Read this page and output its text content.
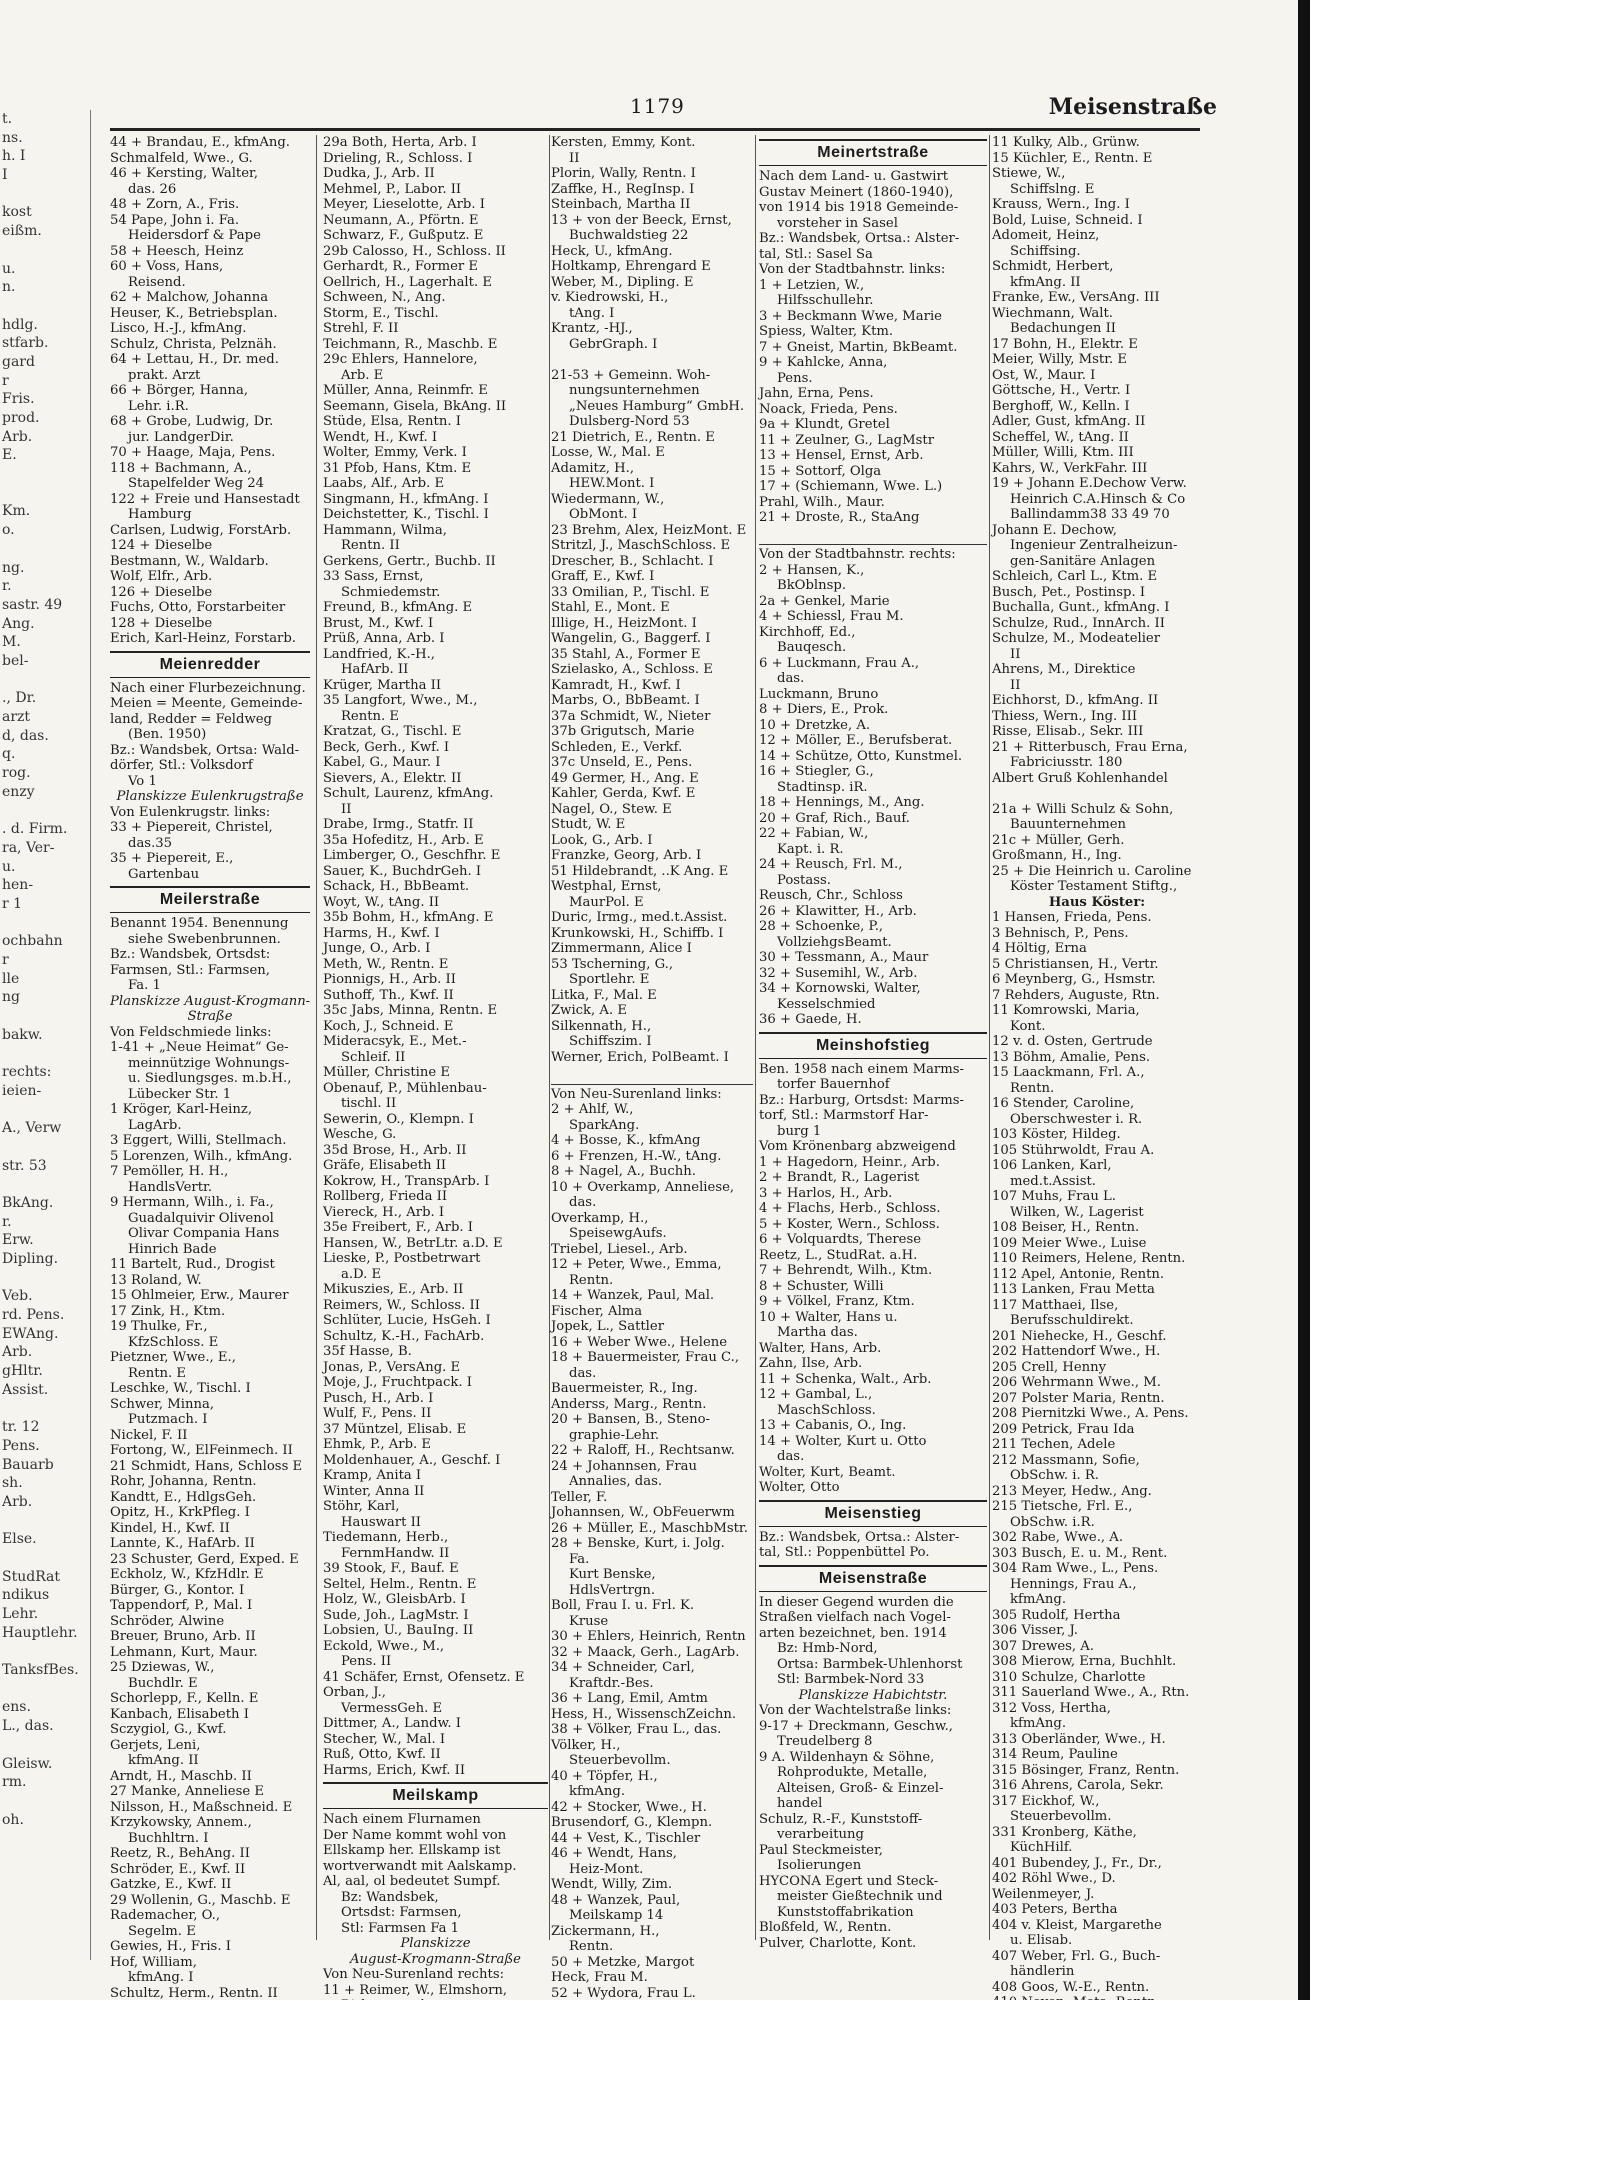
t.
ns.
h. I
I

kost
eißm.

u.
n.

hdlg.
stfarb.
gard
r
Fris.
prod.
Arb.
E.

Km.
o.

ng.
r.
sastr. 49
Ang.
M.
bel-

., Dr.
arzt
d, das.
q.
rog.
enzy

. d. Firm.
ra, Ver-
u.
hen-
r 1

ochbahn
r
lle
ng

bakw.

rechts:
ieien-

A., Verw

str. 53

BkAng.
r.
Erw.
Dipling.

Veb.
rd. Pens.
EWAng.
Arb.
gHltr.
Assist.

tr. 12
Pens.
Bauarb
sh.
Arb.

Else.

StudRat
ndikus
Lehr.
Hauptlehr.

TanksfBes.

ens.
L., das.

Gleisw.
rm.

oh.
1179	Meisenstraße
44 + Brandau, E., kfmAng.
Schmalfeld, Wwe., G.
46 + Kersting, Walter,
das. 26
48 + Zorn, A., Fris.
54 Pape, John i. Fa.
Heidersdorf & Pape
58 + Heesch, Heinz
60 + Voss, Hans,
Reisend.
62 + Malchow, Johanna
Heuser, K., Betriebsplan.
Lisco, H.-J., kfmAng.
Schulz, Christa, Pelznäh.
64 + Lettau, H., Dr. med.
prakt. Arzt
66 + Börger, Hanna,
Lehr. i.R.
68 + Grobe, Ludwig, Dr.
jur. LandgerDir.
70 + Haage, Maja, Pens.
118 + Bachmann, A.,
Stapelfelder Weg 24
122 + Freie und Hansestadt
Hamburg
Carlsen, Ludwig, ForstArb.
124 + Dieselbe
Bestmann, W., Waldarb.
Wolf, Elfr., Arb.
126 + Dieselbe
Fuchs, Otto, Forstarbeiter
128 + Dieselbe
Erich, Karl-Heinz, Forstarb.
Meienredder
Nach einer Flurbezeichnung.
Meien = Meente, Gemeinde-
land, Redder = Feldweg
(Ben. 1950)
Bz.: Wandsbek, Ortsa: Wald-
dörfer, Stl.: Volksdorf
Vo 1
Planskizze Eulenkrugstraße
Von Eulenkrugstr. links:
33 + Piepereit, Christel,
das.35
35 + Piepereit, E.,
Gartenbau
Meilerstraße
Benannt 1954. Benennung
siehe Swebenbrunnen.
Bz.: Wandsbek, Ortsdst:
Farmsen, Stl.: Farmsen,
Fa. 1
Planskizze August-Krogmann-
Straße
Von Feldschmiede links:
1-41 + „Neue Heimat“ Ge-
meinnützige Wohnungs-
u. Siedlungsges. m.b.H.,
Lübecker Str. 1
1 Kröger, Karl-Heinz,
LagArb.
3 Eggert, Willi, Stellmach.
5 Lorenzen, Wilh., kfmAng.
7 Pemöller, H. H.,
HandlsVertr.
9 Hermann, Wilh., i. Fa.,
Guadalquivir Olivenol
Olivar Compania Hans
Hinrich Bade
11 Bartelt, Rud., Drogist
13 Roland, W.
15 Ohlmeier, Erw., Maurer
17 Zink, H., Ktm.
19 Thulke, Fr.,
KfzSchloss. E
Pietzner, Wwe., E.,
Rentn. E
Leschke, W., Tischl. I
Schwer, Minna,
Putzmach. I
Nickel, F. II
Fortong, W., ElFeinmech. II
21 Schmidt, Hans, Schloss E
Rohr, Johanna, Rentn.
Kandtt, E., HdlgsGeh.
Opitz, H., KrkPfleg. I
Kindel, H., Kwf. II
Lannte, K., HafArb. II
23 Schuster, Gerd, Exped. E
Eckholz, W., KfzHdlr. E
Bürger, G., Kontor. I
Tappendorf, P., Mal. I
Schröder, Alwine
Breuer, Bruno, Arb. II
Lehmann, Kurt, Maur.
25 Dziewas, W.,
Buchdlr. E
Schorlepp, F., Kelln. E
Kanbach, Elisabeth I
Sczygiol, G., Kwf.
Gerjets, Leni,
kfmAng. II
Arndt, H., Maschb. II
27 Manke, Anneliese E
Nilsson, H., Maßschneid. E
Krzykowsky, Annem.,
Buchhltrn. I
Reetz, R., BehAng. II
Schröder, E., Kwf. II
Gatzke, E., Kwf. II
29 Wollenin, G., Maschb. E
Rademacher, O.,
Segelm. E
Gewies, H., Fris. I
Hof, William,
kfmAng. I
Schultz, Herm., Rentn. II
29a Both, Herta, Arb. I
Drieling, R., Schloss. I
Dudka, J., Arb. II
Mehmel, P., Labor. II
Meyer, Lieselotte, Arb. I
Neumann, A., Pförtn. E
Schwarz, F., Gußputz. E
29b Calosso, H., Schloss. II
Gerhardt, R., Former E
Oellrich, H., Lagerhalt. E
Schween, N., Ang.
Storm, E., Tischl.
Strehl, F. II
Teichmann, R., Maschb. E
29c Ehlers, Hannelore,
Arb. E
Müller, Anna, Reinmfr. E
Seemann, Gisela, BkAng. II
Stüde, Elsa, Rentn. I
Wendt, H., Kwf. I
Wolter, Emmy, Verk. I
31 Pfob, Hans, Ktm. E
Laabs, Alf., Arb. E
Singmann, H., kfmAng. I
Deichstetter, K., Tischl. I
Hammann, Wilma,
Rentn. II
Gerkens, Gertr., Buchb. II
33 Sass, Ernst,
Schmiedemstr.
Freund, B., kfmAng. E
Brust, M., Kwf. I
Prüß, Anna, Arb. I
Landfried, K.-H.,
HafArb. II
Krüger, Martha II
35 Langfort, Wwe., M.,
Rentn. E
Kratzat, G., Tischl. E
Beck, Gerh., Kwf. I
Kabel, G., Maur. I
Sievers, A., Elektr. II
Schult, Laurenz, kfmAng.
II
Drabe, Irmg., Statfr. II
35a Hofeditz, H., Arb. E
Limberger, O., Geschfhr. E
Sauer, K., BuchdrGeh. I
Schack, H., BbBeamt.
Woyt, W., tAng. II
35b Bohm, H., kfmAng. E
Harms, H., Kwf. I
Junge, O., Arb. I
Meth, W., Rentn. E
Pionnigs, H., Arb. II
Suthoff, Th., Kwf. II
35c Jabs, Minna, Rentn. E
Koch, J., Schneid. E
Mideracsyk, E., Met.-
Schleif. II
Müller, Christine E
Obenauf, P., Mühlenbau-
tischl. II
Sewerin, O., Klempn. I
Wesche, G.
35d Brose, H., Arb. II
Gräfe, Elisabeth II
Kokrow, H., TranspArb. I
Rollberg, Frieda II
Viereck, H., Arb. I
35e Freibert, F., Arb. I
Hansen, W., BetrLtr. a.D. E
Lieske, P., Postbetrwart
a.D. E
Mikuszies, E., Arb. II
Reimers, W., Schloss. II
Schlüter, Lucie, HsGeh. I
Schultz, K.-H., FachArb.
35f Hasse, B.
Jonas, P., VersAng. E
Moje, J., Fruchtpack. I
Pusch, H., Arb. I
Wulf, F., Pens. II
37 Müntzel, Elisab. E
Ehmk, P., Arb. E
Moldenhauer, A., Geschf. I
Kramp, Anita I
Winter, Anna II
Stöhr, Karl,
Hauswart II
Tiedemann, Herb.,
FernmHandw. II
39 Stook, F., Bauf. E
Seltel, Helm., Rentn. E
Holz, W., GleisbArb. I
Sude, Joh., LagMstr. I
Lobsien, U., BauIng. II
Eckold, Wwe., M.,
Pens. II
41 Schäfer, Ernst, Ofensetz. E
Orban, J.,
VermessGeh. E
Dittmer, A., Landw. I
Stecher, W., Mal. I
Ruß, Otto, Kwf. II
Harms, Erich, Kwf. II
Meilskamp
Nach einem Flurnamen
Der Name kommt wohl von
Ellskamp her. Ellskamp ist
wortverwandt mit Aalskamp.
Al, aal, ol bedeutet Sumpf.
Bz: Wandsbek,
Ortsdst: Farmsen,
Stl: Farmsen Fa 1
Planskizze
August-Krogmann-Straße
Von Neu-Surenland rechts:
11 + Reimer, W., Elmshorn,
Kersten, Emmy, Kont.
II
Plorin, Wally, Rentn. I
Zaffke, H., RegInsp. I
Steinbach, Martha II
13 + von der Beeck, Ernst,
Buchwaldstieg 22
Heck, U., kfmAng.
Holtkamp, Ehrengard E
Weber, M., Dipling. E
v. Kiedrowski, H.,
tAng. I
Krantz, -HJ.,
GebrGraph. I

21-53 + Gemeinn. Woh-
nungsunternehmen
„Neues Hamburg“ GmbH.
Dulsberg-Nord 53
21 Dietrich, E., Rentn. E
Losse, W., Mal. E
Adamitz, H.,
HEW.Mont. I
Wiedermann, W.,
ObMont. I
23 Brehm, Alex, HeizMont. E
Stritzl, J., MaschSchloss. E
Drescher, B., Schlacht. I
Graff, E., Kwf. I
33 Omilian, P., Tischl. E
Stahl, E., Mont. E
Illige, H., HeizMont. I
Wangelin, G., Baggerf. I
35 Stahl, A., Former E
Szielasko, A., Schloss. E
Kamradt, H., Kwf. I
Marbs, O., BbBeamt. I
37a Schmidt, W., Nieter
37b Grigutsch, Marie
Schleden, E., Verkf.
37c Unseld, E., Pens.
49 Germer, H., Ang. E
Kahler, Gerda, Kwf. E
Nagel, O., Stew. E
Studt, W. E
Look, G., Arb. I
Franzke, Georg, Arb. I
51 Hildebrandt, ..K Ang. E
Westphal, Ernst,
MaurPol. E
Duric, Irmg., med.t.Assist.
Krunkowski, H., Schiffb. I
Zimmermann, Alice I
53 Tscherning, G.,
Sportlehr. E
Litka, F., Mal. E
Zwick, A. E
Silkennath, H.,
Schiffszim. I
Werner, Erich, PolBeamt. I

Von Neu-Surenland links:
2 + Ahlf, W.,
SparkAng.
4 + Bosse, K., kfmAng
6 + Frenzen, H.-W., tAng.
8 + Nagel, A., Buchh.
10 + Overkamp, Anneliese,
das.
Overkamp, H.,
SpeisewgAufs.
Triebel, Liesel., Arb.
12 + Peter, Wwe., Emma,
Rentn.
14 + Wanzek, Paul, Mal.
Fischer, Alma
Jopek, L., Sattler
16 + Weber Wwe., Helene
18 + Bauermeister, Frau C.,
das.
Bauermeister, R., Ing.
Anderss, Marg., Rentn.
20 + Bansen, B., Steno-
graphie-Lehr.
22 + Raloff, H., Rechtsanw.
24 + Johannsen, Frau
Annalies, das.
Teller, F.
Johannsen, W., ObFeuerwm
26 + Müller, E., MaschbMstr.
28 + Benske, Kurt, i. Jolg.
Fa.
Kurt Benske,
HdlsVertrgn.
Boll, Frau I. u. Frl. K.
Kruse
30 + Ehlers, Heinrich, Rentn
32 + Maack, Gerh., LagArb.
34 + Schneider, Carl,
Kraftdr.-Bes.
36 + Lang, Emil, Amtm
Hess, H., WissenschZeichn.
38 + Völker, Frau L., das.
Völker, H.,
Steuerbevollm.
40 + Töpfer, H.,
kfmAng.
42 + Stocker, Wwe., H.
Brusendorf, G., Klempn.
44 + Vest, K., Tischler
46 + Wendt, Hans,
Heiz-Mont.
Wendt, Willy, Zim.
48 + Wanzek, Paul,
Meilskamp 14
Zickermann, H.,
Rentn.
50 + Metzke, Margot
Heck, Frau M.
52 + Wydora, Frau L.
Meinertstraße
Nach dem Land- u. Gastwirt
Gustav Meinert (1860-1940),
von 1914 bis 1918 Gemeinde-
vorsteher in Sasel
Bz.: Wandsbek, Ortsa.: Alster-
tal, Stl.: Sasel Sa
Von der Stadtbahnstr. links:
1 + Letzien, W.,
Hilfsschullehr.
3 + Beckmann Wwe, Marie
Spiess, Walter, Ktm.
7 + Gneist, Martin, BkBeamt.
9 + Kahlcke, Anna,
Pens.
Jahn, Erna, Pens.
Noack, Frieda, Pens.
9a + Klundt, Gretel
11 + Zeulner, G., LagMstr
13 + Hensel, Ernst, Arb.
15 + Sottorf, Olga
17 + (Schiemann, Wwe. L.)
Prahl, Wilh., Maur.
21 + Droste, R., StaAng

Von der Stadtbahnstr. rechts:
2 + Hansen, K.,
BkOblnsp.
2a + Genkel, Marie
4 + Schiessl, Frau M.
Kirchhoff, Ed.,
Bauqesch.
6 + Luckmann, Frau A.,
das.
Luckmann, Bruno
8 + Diers, E., Prok.
10 + Dretzke, A.
12 + Möller, E., Berufsberat.
14 + Schütze, Otto, Kunstmel.
16 + Stiegler, G.,
Stadtinsp. iR.
18 + Hennings, M., Ang.
20 + Graf, Rich., Bauf.
22 + Fabian, W.,
Kapt. i. R.
24 + Reusch, Frl. M.,
Postass.
Reusch, Chr., Schloss
26 + Klawitter, H., Arb.
28 + Schoenke, P.,
VollziehgsBeamt.
30 + Tessmann, A., Maur
32 + Susemihl, W., Arb.
34 + Kornowski, Walter,
Kesselschmied
36 + Gaede, H.
Meinshofstieg
Ben. 1958 nach einem Marms-
torfer Bauernhof
Bz.: Harburg, Ortsdst: Marms-
torf, Stl.: Marmstorf Har-
burg 1
Vom Krönenbarg abzweigend
1 + Hagedorn, Heinr., Arb.
2 + Brandt, R., Lagerist
3 + Harlos, H., Arb.
4 + Flachs, Herb., Schloss.
5 + Koster, Wern., Schloss.
6 + Volquardts, Therese
Reetz, L., StudRat. a.H.
7 + Behrendt, Wilh., Ktm.
8 + Schuster, Willi
9 + Völkel, Franz, Ktm.
10 + Walter, Hans u.
Martha das.
Walter, Hans, Arb.
Zahn, Ilse, Arb.
11 + Schenka, Walt., Arb.
12 + Gambal, L.,
MaschSchloss.
13 + Cabanis, O., Ing.
14 + Wolter, Kurt u. Otto
das.
Wolter, Kurt, Beamt.
Wolter, Otto
Meisenstieg
Bz.: Wandsbek, Ortsa.: Alster-
tal, Stl.: Poppenbüttel Po.
Meisenstraße
In dieser Gegend wurden die
Straßen vielfach nach Vogel-
arten bezeichnet, ben. 1914
Bz: Hmb-Nord,
Ortsa: Barmbek-Uhlenhorst
Stl: Barmbek-Nord 33
Planskizze Habichtstr.
Von der Wachtelstraße links:
9-17 + Dreckmann, Geschw.,
Treudelberg 8
9 A. Wildenhayn & Söhne,
Rohprodukte, Metalle,
Alteisen, Groß- & Einzel-
handel
Schulz, R.-F., Kunststoff-
verarbeitung
Paul Steckmeister,
Isolierungen
HYCONA Egert und Steck-
meister Gießtechnik und
Kunststoffabrikation
Bloßfeld, W., Rentn.
Pulver, Charlotte, Kont.
11 Kulky, Alb., Grünw.
15 Küchler, E., Rentn. E
Stiewe, W.,
Schiffslng. E
Krauss, Wern., Ing. I
Bold, Luise, Schneid. I
Adomeit, Heinz,
Schiffsing.
Schmidt, Herbert,
kfmAng. II
Franke, Ew., VersAng. III
Wiechmann, Walt.
Bedachungen II
17 Bohn, H., Elektr. E
Meier, Willy, Mstr. E
Ost, W., Maur. I
Göttsche, H., Vertr. I
Berghoff, W., Kelln. I
Adler, Gust, kfmAng. II
Scheffel, W., tAng. II
Müller, Willi, Ktm. III
Kahrs, W., VerkFahr. III
19 + Johann E.Dechow Verw.
Heinrich C.A.Hinsch & Co
Ballindamm38 33 49 70
Johann E. Dechow,
Ingenieur Zentralheizun-
gen-Sanitäre Anlagen
Schleich, Carl L., Ktm. E
Busch, Pet., Postinsp. I
Buchalla, Gunt., kfmAng. I
Schulze, Rud., InnArch. II
Schulze, M., Modeatelier
II
Ahrens, M., Direktice
II
Eichhorst, D., kfmAng. II
Thiess, Wern., Ing. III
Risse, Elisab., Sekr. III
21 + Ritterbusch, Frau Erna,
Fabriciusstr. 180
Albert Gruß Kohlenhandel

21a + Willi Schulz & Sohn,
Bauunternehmen
21c + Müller, Gerh.
Großmann, H., Ing.
25 + Die Heinrich u. Caroline
Köster Testament Stiftg.,
Haus Köster:
1 Hansen, Frieda, Pens.
3 Behnisch, P., Pens.
4 Höltig, Erna
5 Christiansen, H., Vertr.
6 Meynberg, G., Hsmstr.
7 Rehders, Auguste, Rtn.
11 Komrowski, Maria,
Kont.
12 v. d. Osten, Gertrude
13 Böhm, Amalie, Pens.
15 Laackmann, Frl. A.,
Rentn.
16 Stender, Caroline,
Oberschwester i. R.
103 Köster, Hildeg.
105 Stührwoldt, Frau A.
106 Lanken, Karl,
med.t.Assist.
107 Muhs, Frau L.
Wilken, W., Lagerist
108 Beiser, H., Rentn.
109 Meier Wwe., Luise
110 Reimers, Helene, Rentn.
112 Apel, Antonie, Rentn.
113 Lanken, Frau Metta
117 Matthaei, Ilse,
Berufsschuldirekt.
201 Niehecke, H., Geschf.
202 Hattendorf Wwe., H.
205 Crell, Henny
206 Wehrmann Wwe., M.
207 Polster Maria, Rentn.
208 Piernitzki Wwe., A. Pens.
209 Petrick, Frau Ida
211 Techen, Adele
212 Massmann, Sofie,
ObSchw. i. R.
213 Meyer, Hedw., Ang.
215 Tietsche, Frl. E.,
ObSchw. i.R.
302 Rabe, Wwe., A.
303 Busch, E. u. M., Rent.
304 Ram Wwe., L., Pens.
Hennings, Frau A.,
kfmAng.
305 Rudolf, Hertha
306 Visser, J.
307 Drewes, A.
308 Mierow, Erna, Buchhlt.
310 Schulze, Charlotte
311 Sauerland Wwe., A., Rtn.
312 Voss, Hertha,
kfmAng.
313 Oberländer, Wwe., H.
314 Reum, Pauline
315 Bösinger, Franz, Rentn.
316 Ahrens, Carola, Sekr.
317 Eickhof, W.,
Steuerbevollm.
331 Kronberg, Käthe,
KüchHilf.
401 Bubendey, J., Fr., Dr.,
402 Röhl Wwe., D.
Weilenmeyer, J.
403 Peters, Bertha
404 v. Kleist, Margarethe
u. Elisab.
407 Weber, Frl. G., Buch-
händlerin
408 Goos, W.-E., Rentn.
